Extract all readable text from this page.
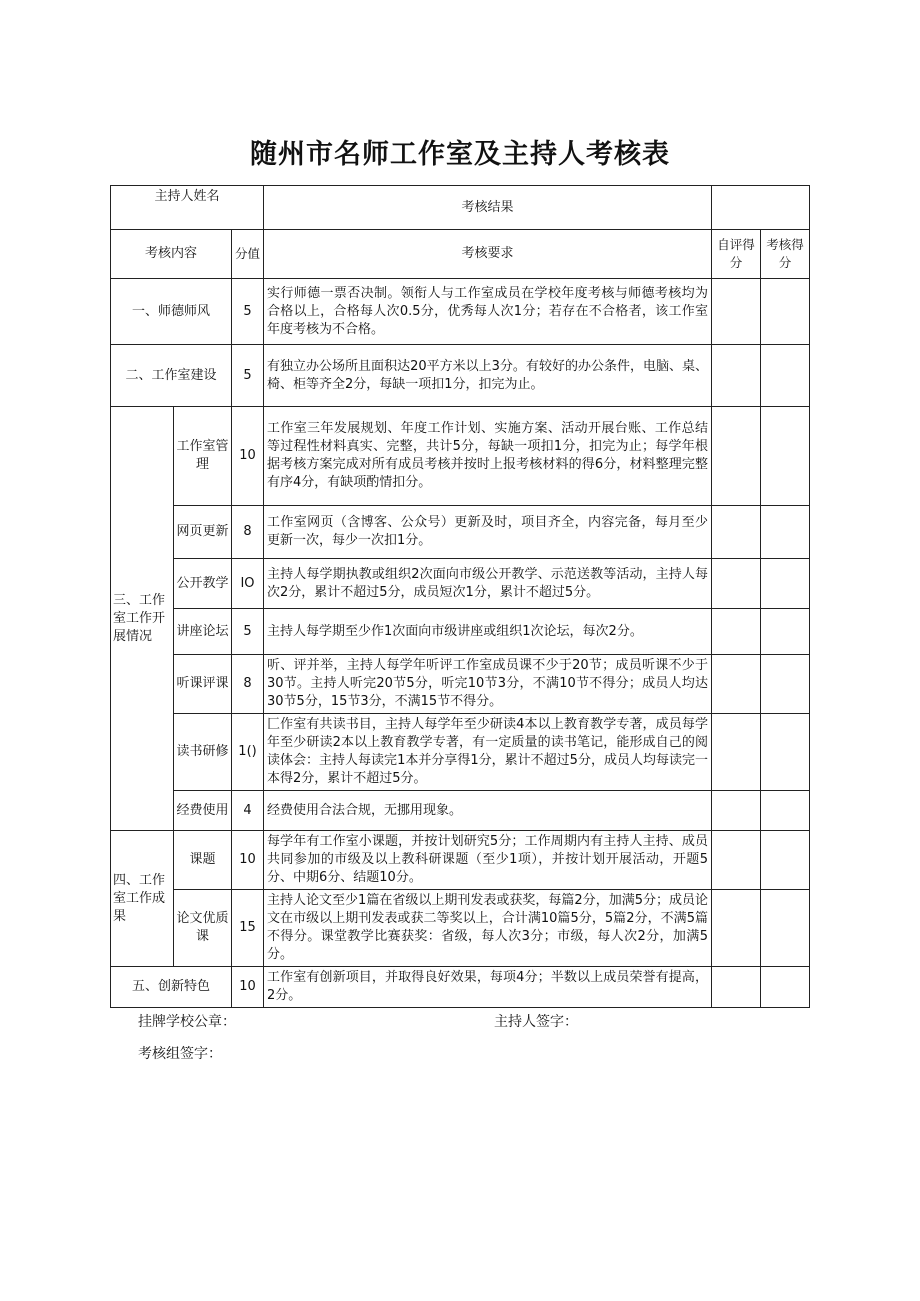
随州市名师工作室及主持人考核表
主持人姓名			考核结果		
考核内容		分值	考核要求	自评得分	考核得分
一、师德师风		5	实行师德一票否决制。领衔人与工作室成员在学校年度考核与师德考核均为合格以上，合格每人次0.5分，优秀每人次1分；若存在不合格者，该工作室年度考核为不合格。		
二、工作室建设		5	有独立办公场所且面积达20平方米以上3分。有较好的办公条件，电脑、桌、椅、柜等齐全2分，每缺一项扣1分，扣完为止。		
三、工作室工作开展情况	工作室管理	10	工作室三年发展规划、年度工作计划、实施方案、活动开展台账、工作总结等过程性材料真实、完整，共计5分，每缺一项扣1分，扣完为止；每学年根据考核方案完成对所有成员考核并按时上报考核材料的得6分，材料整理完整有序4分，有缺项酌情扣分。		
	网页更新	8	工作室网页（含博客、公众号）更新及时，项目齐全，内容完备，每月至少更新一次，每少一次扣1分。		
	公开教学	IO	主持人每学期执教或组织2次面向市级公开教学、示范送教等活动，主持人每次2分，累计不超过5分，成员短次1分，累计不超过5分。		
	讲座论坛	5	主持人每学期至少作1次面向市级讲座或组织1次论坛，每次2分。		
	听课评课	8	听、评并举，主持人每学年听评工作室成员课不少于20节；成员听课不少于30节。主持人听完20节5分，听完10节3分，不满10节不得分；成员人均达30节5分，15节3分，不满15节不得分。		
	读书研修	1()	匚作室有共读书目，主持人每学年至少研读4本以上教育教学专著，成员每学年至少研读2本以上教育教学专著，有一定质量的读书笔记，能形成自己的阅读体会：主持人每读完1本并分享得1分，累计不超过5分，成员人均每读完一本得2分，累计不超过5分。		
	经费使用	4	经费使用合法合规，无挪用现象。		
四、工作室工作成果	课题	10	每学年有工作室小课题，并按计划研究5分；工作周期内有主持人主持、成员共同参加的市级及以上教科研课题（至少1项），并按计划开展活动，开题5分、中期6分、结题10分。		
	论文优质课	15	主持人论文至少1篇在省级以上期刊发表或获奖，每篇2分，加满5分；成员论文在市级以上期刊发表或获二等奖以上，合计满10篇5分，5篇2分，不满5篇不得分。课堂教学比赛获奖：省级，每人次3分；市级，每人次2分，加满5分。		
五、创新特色		10	工作室有创新项目，并取得良好效果，每项4分；半数以上成员荣誉有提高，2分。		
挂牌学校公章：	主持人签字：
考核组签字：
